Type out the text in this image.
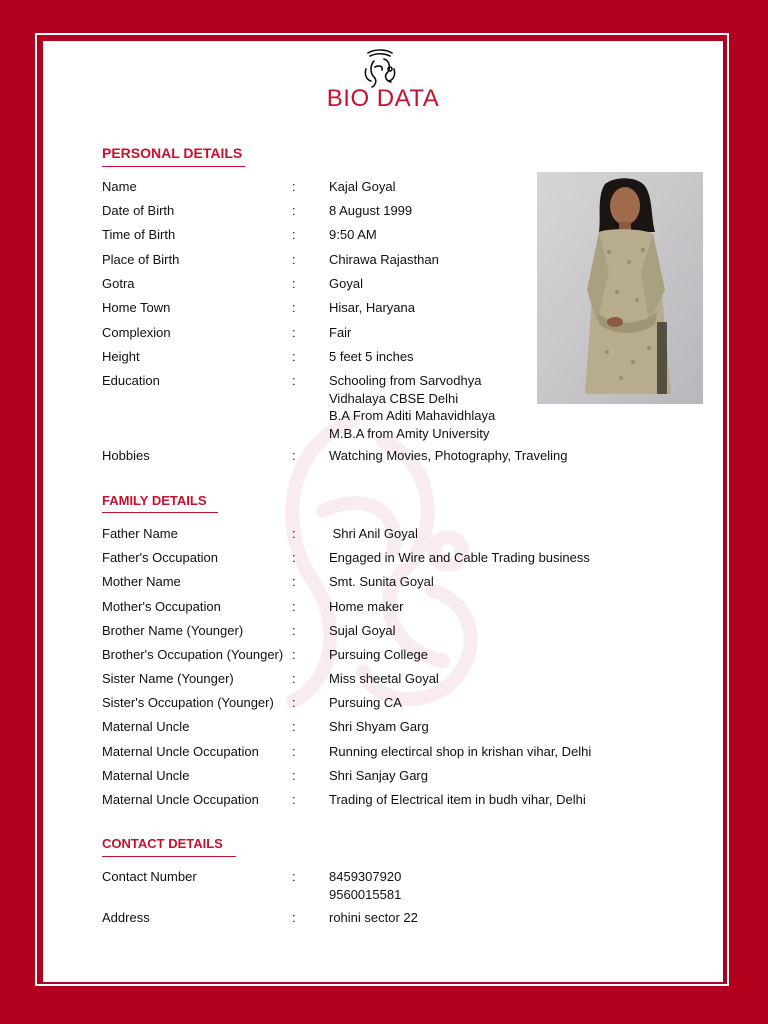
BIO DATA
PERSONAL DETAILS
Name	:	Kajal Goyal
Date of Birth	:	8 August 1999
Time of Birth	:	9:50 AM
Place of Birth	:	Chirawa Rajasthan
Gotra	:	Goyal
Home Town	:	Hisar, Haryana
Complexion	:	Fair
Height	:	5 feet 5 inches
Education	:	Schooling from Sarvodhya
Vidhalaya CBSE Delhi
B.A From Aditi Mahavidhlaya
M.B.A from Amity University
Hobbies	:	Watching Movies, Photography, Traveling
FAMILY DETAILS
Father Name	:	Shri Anil Goyal
Father's Occupation	:	Engaged in Wire and Cable Trading business
Mother Name	:	Smt. Sunita Goyal
Mother's Occupation	:	Home maker
Brother Name (Younger)	:	Sujal Goyal
Brother's Occupation (Younger) :	Pursuing College
Sister Name (Younger)	:	Miss sheetal Goyal
Sister's Occupation (Younger)	:	Pursuing CA
Maternal Uncle	:	Shri Shyam Garg
Maternal Uncle Occupation	:	Running electircal shop in krishan vihar, Delhi
Maternal Uncle	:	Shri Sanjay Garg
Maternal Uncle Occupation	:	Trading of Electrical item in budh vihar, Delhi
CONTACT DETAILS
Contact Number	:	8459307920
9560015581
Address	:	rohini sector 22
